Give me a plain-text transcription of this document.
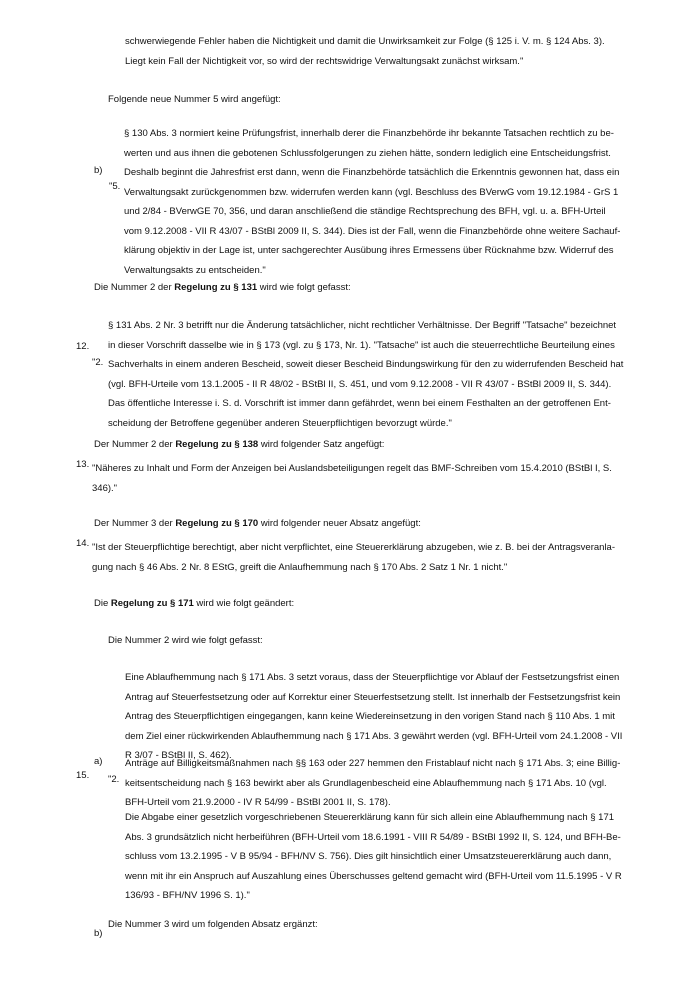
schwerwiegende Fehler haben die Nichtigkeit und damit die Unwirksamkeit zur Folge (§ 125 i. V. m. § 124 Abs. 3).

Liegt kein Fall der Nichtigkeit vor, so wird der rechtswidrige Verwaltungsakt zunächst wirksam."

Folgende neue Nummer 5 wird angefügt:

b)
"5.

§ 130 Abs. 3 normiert keine Prüfungsfrist, innerhalb derer die Finanzbehörde ihr bekannte Tatsachen rechtlich zu be-

werten und aus ihnen die gebotenen Schlussfolgerungen zu ziehen hätte, sondern lediglich eine Entscheidungsfrist.

Deshalb beginnt die Jahresfrist erst dann, wenn die Finanzbehörde tatsächlich die Erkenntnis gewonnen hat, dass ein

Verwaltungsakt zurückgenommen bzw. widerrufen werden kann (vgl. Beschluss des BVerwG vom 19.12.1984 - GrS 1

und 2/84 - BVerwGE 70, 356, und daran anschließend die ständige Rechtsprechung des BFH, vgl. u. a. BFH-Urteil

vom 9.12.2008 - VII R 43/07 - BStBl 2009 II, S. 344). Dies ist der Fall, wenn die Finanzbehörde ohne weitere Sachauf-

klärung objektiv in der Lage ist, unter sachgerechter Ausübung ihres Ermessens über Rücknahme bzw. Widerruf des

Verwaltungsakts zu entscheiden."

Die Nummer 2 der Regelung zu § 131 wird wie folgt gefasst:

12.
"2.

§ 131 Abs. 2 Nr. 3 betrifft nur die Änderung tatsächlicher, nicht rechtlicher Verhältnisse. Der Begriff "Tatsache" bezeichnet

in dieser Vorschrift dasselbe wie in § 173 (vgl. zu § 173, Nr. 1). "Tatsache" ist auch die steuerrechtliche Beurteilung eines

Sachverhalts in einem anderen Bescheid, soweit dieser Bescheid Bindungswirkung für den zu widerrufenden Bescheid hat

(vgl. BFH-Urteile vom 13.1.2005 - II R 48/02 - BStBl II, S. 451, und vom 9.12.2008 - VII R 43/07 - BStBl 2009 II, S. 344).

Das öffentliche Interesse i. S. d. Vorschrift ist immer dann gefährdet, wenn bei einem Festhalten an der getroffenen Ent-

scheidung der Betroffene gegenüber anderen Steuerpflichtigen bevorzugt würde."

Der Nummer 2 der Regelung zu § 138 wird folgender Satz angefügt:

13. "Näheres zu Inhalt und Form der Anzeigen bei Auslandsbeteiligungen regelt das BMF-Schreiben vom 15.4.2010 (BStBl I, S.

346)."

Der Nummer 3 der Regelung zu § 170 wird folgender neuer Absatz angefügt:

14. "Ist der Steuerpflichtige berechtigt, aber nicht verpflichtet, eine Steuererklärung abzugeben, wie z. B. bei der Antragsveranla-

gung nach § 46 Abs. 2 Nr. 8 EStG, greift die Anlaufhemmung nach § 170 Abs. 2 Satz 1 Nr. 1 nicht."

Die Regelung zu § 171 wird wie folgt geändert:

Die Nummer 2 wird wie folgt gefasst:

Eine Ablaufhemmung nach § 171 Abs. 3 setzt voraus, dass der Steuerpflichtige vor Ablauf der Festsetzungsfrist einen

Antrag auf Steuerfestsetzung oder auf Korrektur einer Steuerfestsetzung stellt. Ist innerhalb der Festsetzungsfrist kein

Antrag des Steuerpflichtigen eingegangen, kann keine Wiedereinsetzung in den vorigen Stand nach § 110 Abs. 1 mit

dem Ziel einer rückwirkenden Ablaufhemmung nach § 171 Abs. 3 gewährt werden (vgl. BFH-Urteil vom 24.1.2008 - VII

R 3/07 - BStBl II, S. 462).

15.
a)
"2.

Anträge auf Billigkeitsmaßnahmen nach §§ 163 oder 227 hemmen den Fristablauf nicht nach § 171 Abs. 3; eine Billig-

keitsentscheidung nach § 163 bewirkt aber als Grundlagenbescheid eine Ablaufhemmung nach § 171 Abs. 10 (vgl.

BFH-Urteil vom 21.9.2000 - IV R 54/99 - BStBl 2001 II, S. 178).

Die Abgabe einer gesetzlich vorgeschriebenen Steuererklärung kann für sich allein eine Ablaufhemmung nach § 171

Abs. 3 grundsätzlich nicht herbeiführen (BFH-Urteil vom 18.6.1991 - VIII R 54/89 - BStBl 1992 II, S. 124, und BFH-Be-

schluss vom 13.2.1995 - V B 95/94 - BFH/NV S. 756). Dies gilt hinsichtlich einer Umsatzsteuererklärung auch dann,

wenn mit ihr ein Anspruch auf Auszahlung eines Überschusses geltend gemacht wird (BFH-Urteil vom 11.5.1995 - V R

136/93 - BFH/NV 1996 S. 1)."

Die Nummer 3 wird um folgenden Absatz ergänzt:

b)
